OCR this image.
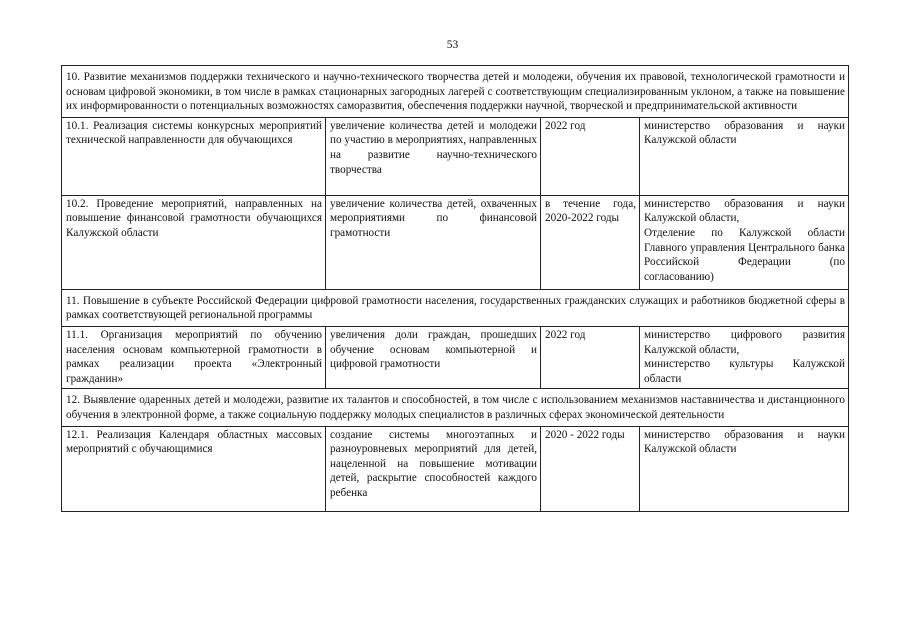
53
10. Развитие механизмов поддержки технического и научно-технического творчества детей и молодежи, обучения их правовой, технологической грамотности и основам цифровой экономики, в том числе в рамках стационарных загородных лагерей с соответствующим специализированным уклоном, а также на повышение их информированности о потенциальных возможностях саморазвития, обеспечения поддержки научной, творческой и предпринимательской активности			
10.1. Реализация системы конкурсных мероприятий технической направленности для обучающихся	увеличение количества детей и молодежи по участию в мероприятиях, направленных на развитие научно-технического творчества	2022 год	министерство образования и науки Калужской области

10.2. Проведение мероприятий, направленных на повышение финансовой грамотности обучающихся Калужской области	увеличение количества детей, охваченных мероприятиями по финансовой грамотности	в течение года, 2020-2022 годы	министерство образования и науки Калужской области,
Отделение по Калужской области Главного управления Центрального банка Российской Федерации (по согласованию)

11. Повышение в субъекте Российской Федерации цифровой грамотности населения, государственных гражданских служащих и работников бюджетной сферы в рамках соответствующей региональной программы			
11.1. Организация мероприятий по обучению населения основам компьютерной грамотности в рамках реализации проекта «Электронный гражданин»	увеличения доли граждан, прошедших обучение основам компьютерной и цифровой грамотности	2022 год	министерство цифрового развития Калужской области,
министерство культуры Калужской области

12. Выявление одаренных детей и молодежи, развитие их талантов и способностей, в том числе с использованием механизмов наставничества и дистанционного обучения в электронной форме, а также социальную поддержку молодых специалистов в различных сферах экономической деятельности			
12.1. Реализация Календаря областных массовых мероприятий с обучающимися	создание системы многоэтапных и разноуровневых мероприятий для детей, нацеленной на повышение мотивации детей, раскрытие способностей каждого ребенка	2020 - 2022 годы	министерство образования и науки Калужской области
